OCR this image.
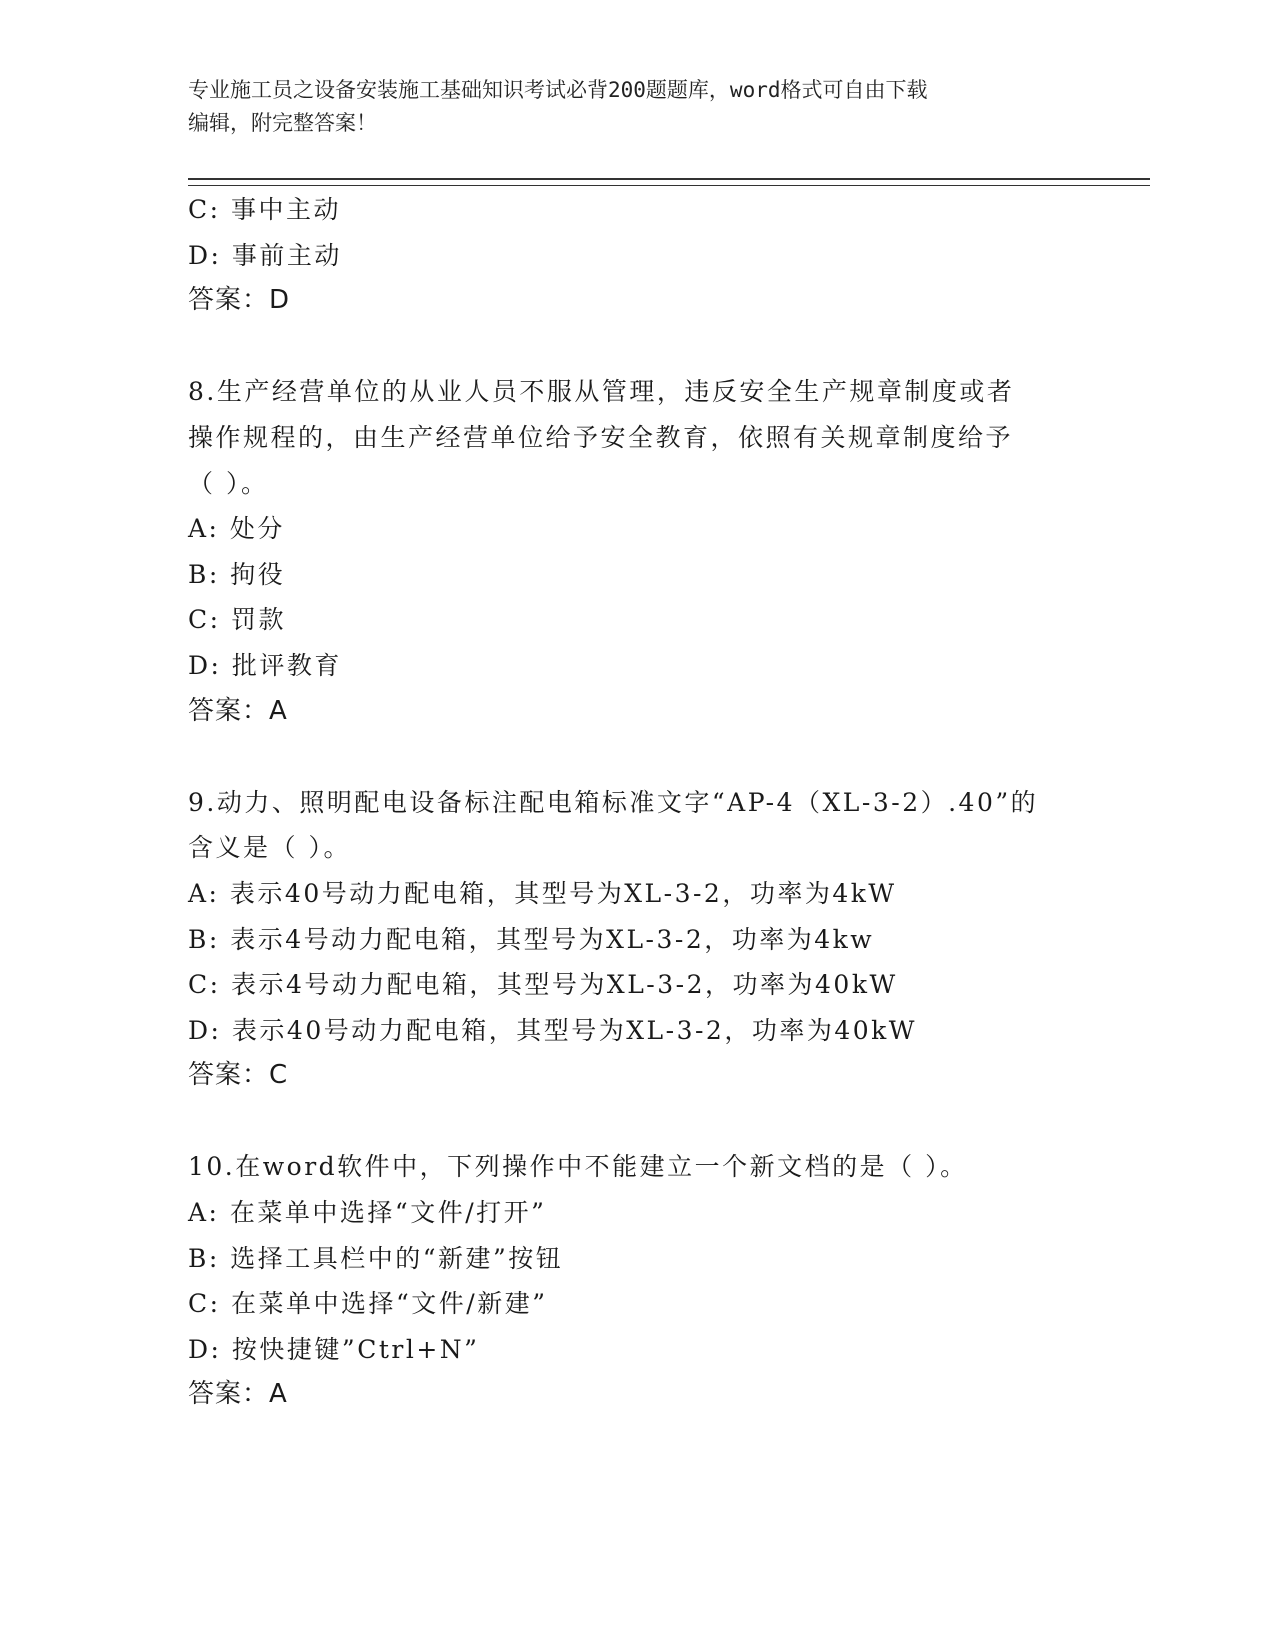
专业施工员之设备安装施工基础知识考试必背200题题库，word格式可自由下载
编辑，附完整答案！
C: 事中主动
D: 事前主动
答案：D
8.生产经营单位的从业人员不服从管理，违反安全生产规章制度或者
操作规程的，由生产经营单位给予安全教育，依照有关规章制度给予
（ ）。
A: 处分
B: 拘役
C: 罚款
D: 批评教育
答案：A
9.动力、照明配电设备标注配电箱标准文字“AP-4（XL-3-2）.40”的
含义是（ ）。
A: 表示40号动力配电箱，其型号为XL-3-2，功率为4kW
B: 表示4号动力配电箱，其型号为XL-3-2，功率为4kw
C: 表示4号动力配电箱，其型号为XL-3-2，功率为40kW
D: 表示40号动力配电箱，其型号为XL-3-2，功率为40kW
答案：C
10.在word软件中，下列操作中不能建立一个新文档的是（ ）。
A: 在菜单中选择“文件/打开”
B: 选择工具栏中的“新建”按钮
C: 在菜单中选择“文件/新建”
D: 按快捷键”Ctrl+N”
答案：A
